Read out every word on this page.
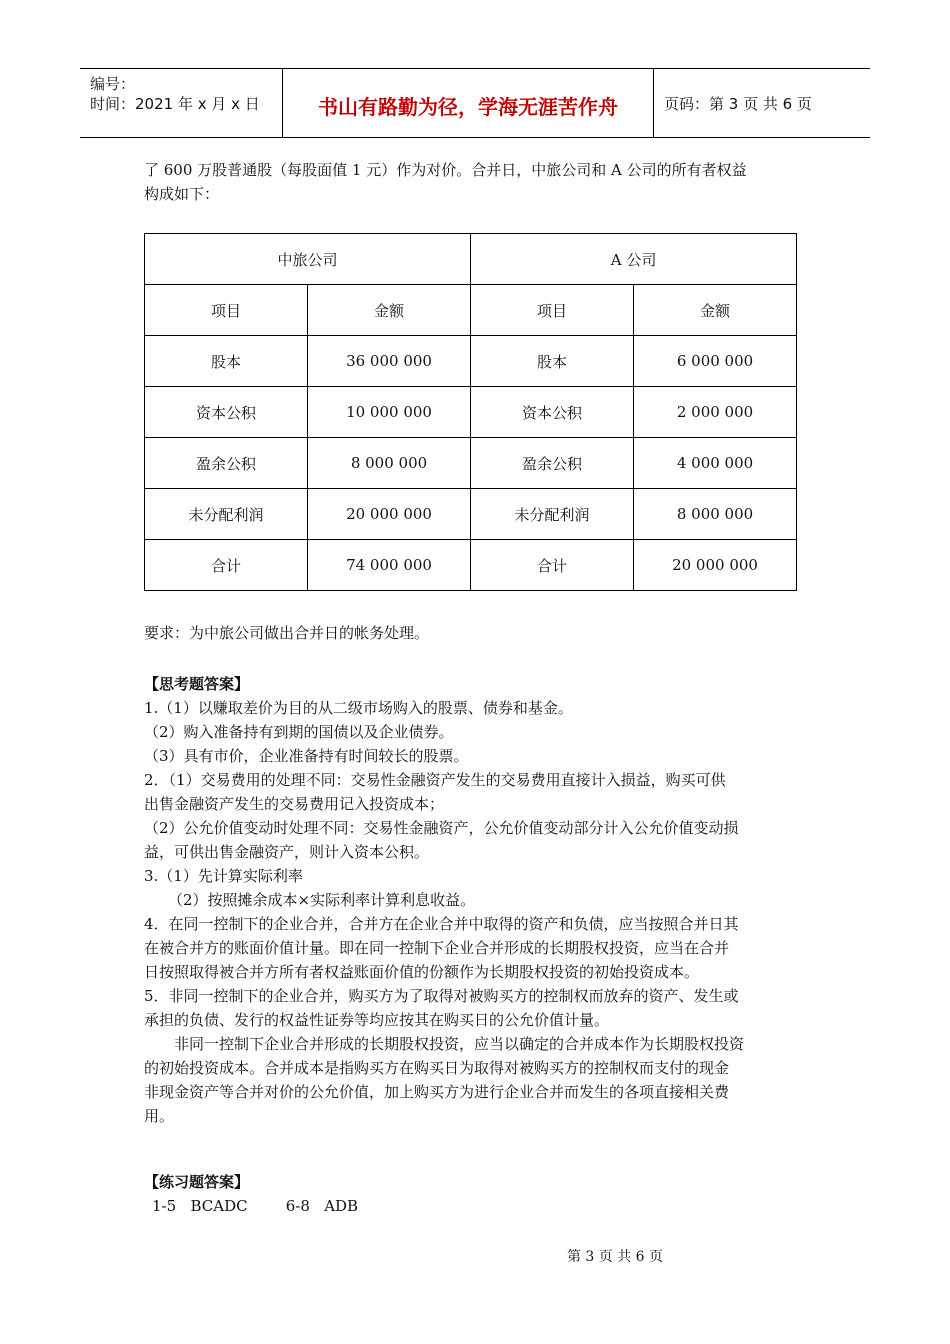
编号：
时间：2021 年 x 月 x 日	书山有路勤为径，学海无涯苦作舟	页码：第 3 页 共 6 页
了 600 万股普通股（每股面值 1 元）作为对价。合并日，中旅公司和 A 公司的所有者权益
构成如下：
中旅公司		A 公司	
项目	金额	项目	金额
股本	36 000 000	股本	6 000 000
资本公积	10 000 000	资本公积	2 000 000
盈余公积	8 000 000	盈余公积	4 000 000
未分配利润	20 000 000	未分配利润	8 000 000
合计	74 000 000	合计	20 000 000
要求：为中旅公司做出合并日的帐务处理。

【思考题答案】

1.（1）以赚取差价为目的从二级市场购入的股票、债券和基金。

（2）购入准备持有到期的国债以及企业债券。

（3）具有市价，企业准备持有时间较长的股票。

2．（1）交易费用的处理不同：交易性金融资产发生的交易费用直接计入损益，购买可供

出售金融资产发生的交易费用记入投资成本；

（2）公允价值变动时处理不同：交易性金融资产，公允价值变动部分计入公允价值变动损

益，可供出售金融资产，则计入资本公积。

3.（1）先计算实际利率

（2）按照摊余成本×实际利率计算利息收益。

4．在同一控制下的企业合并，合并方在企业合并中取得的资产和负债，应当按照合并日其

在被合并方的账面价值计量。即在同一控制下企业合并形成的长期股权投资，应当在合并

日按照取得被合并方所有者权益账面价值的份额作为长期股权投资的初始投资成本。

5．非同一控制下的企业合并，购买方为了取得对被购买方的控制权而放弃的资产、发生或

承担的负债、发行的权益性证券等均应按其在购买日的公允价值计量。

非同一控制下企业合并形成的长期股权投资，应当以确定的合并成本作为长期股权投资

的初始投资成本。合并成本是指购买方在购买日为取得对被购买方的控制权而支付的现金

非现金资产等合并对价的公允价值，加上购买方为进行企业合并而发生的各项直接相关费

用。

【练习题答案】

1-5   BCADC	6-8   ADB

第 3 页 共 6 页
